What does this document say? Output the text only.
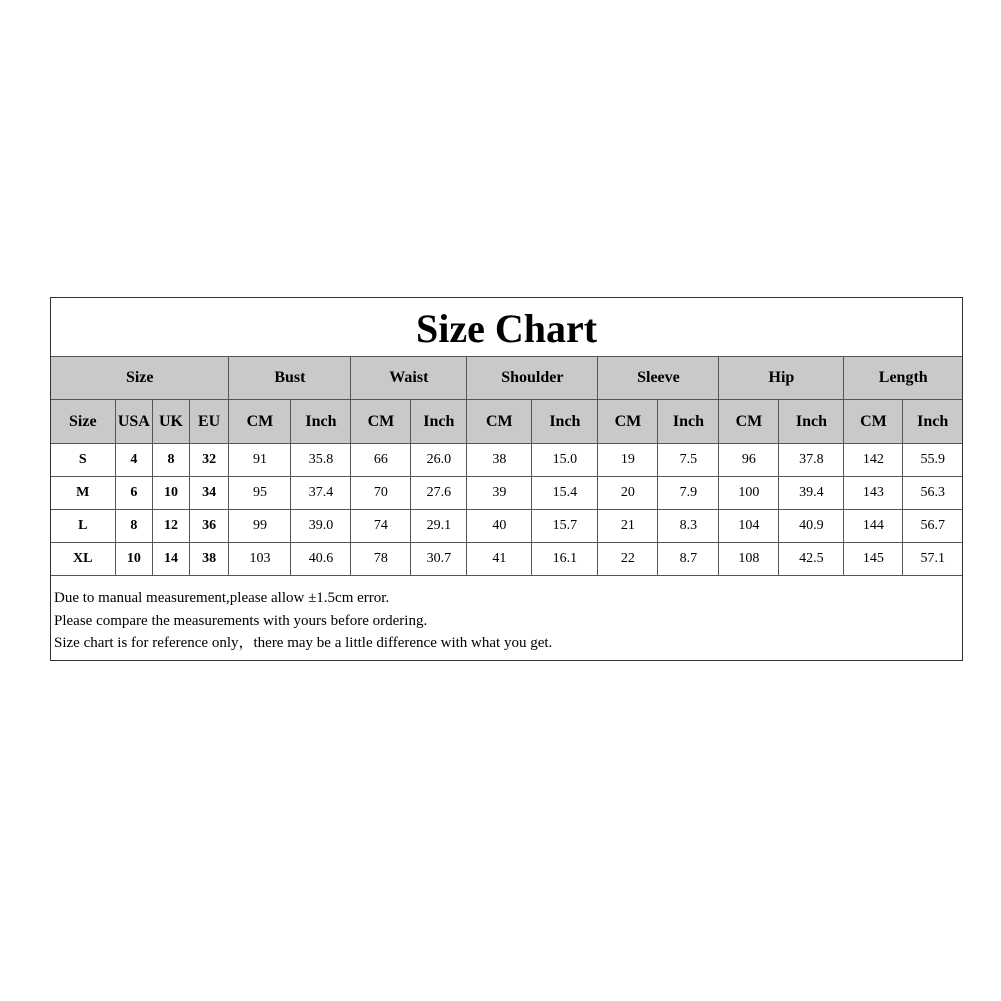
Size Chart
Size				Bust		Waist		Shoulder		Sleeve		Hip		Length	
Size	USA	UK	EU	CM	Inch	CM	Inch	CM	Inch	CM	Inch	CM	Inch	CM	Inch
S	4	8	32	91	35.8	66	26.0	38	15.0	19	7.5	96	37.8	142	55.9
M	6	10	34	95	37.4	70	27.6	39	15.4	20	7.9	100	39.4	143	56.3
L	8	12	36	99	39.0	74	29.1	40	15.7	21	8.3	104	40.9	144	56.7
XL	10	14	38	103	40.6	78	30.7	41	16.1	22	8.7	108	42.5	145	57.1
Due to manual measurement,please allow ±1.5cm error.
Please compare the measurements with yours before ordering.
Size chart is for reference only，there may be a little difference with what you get.
